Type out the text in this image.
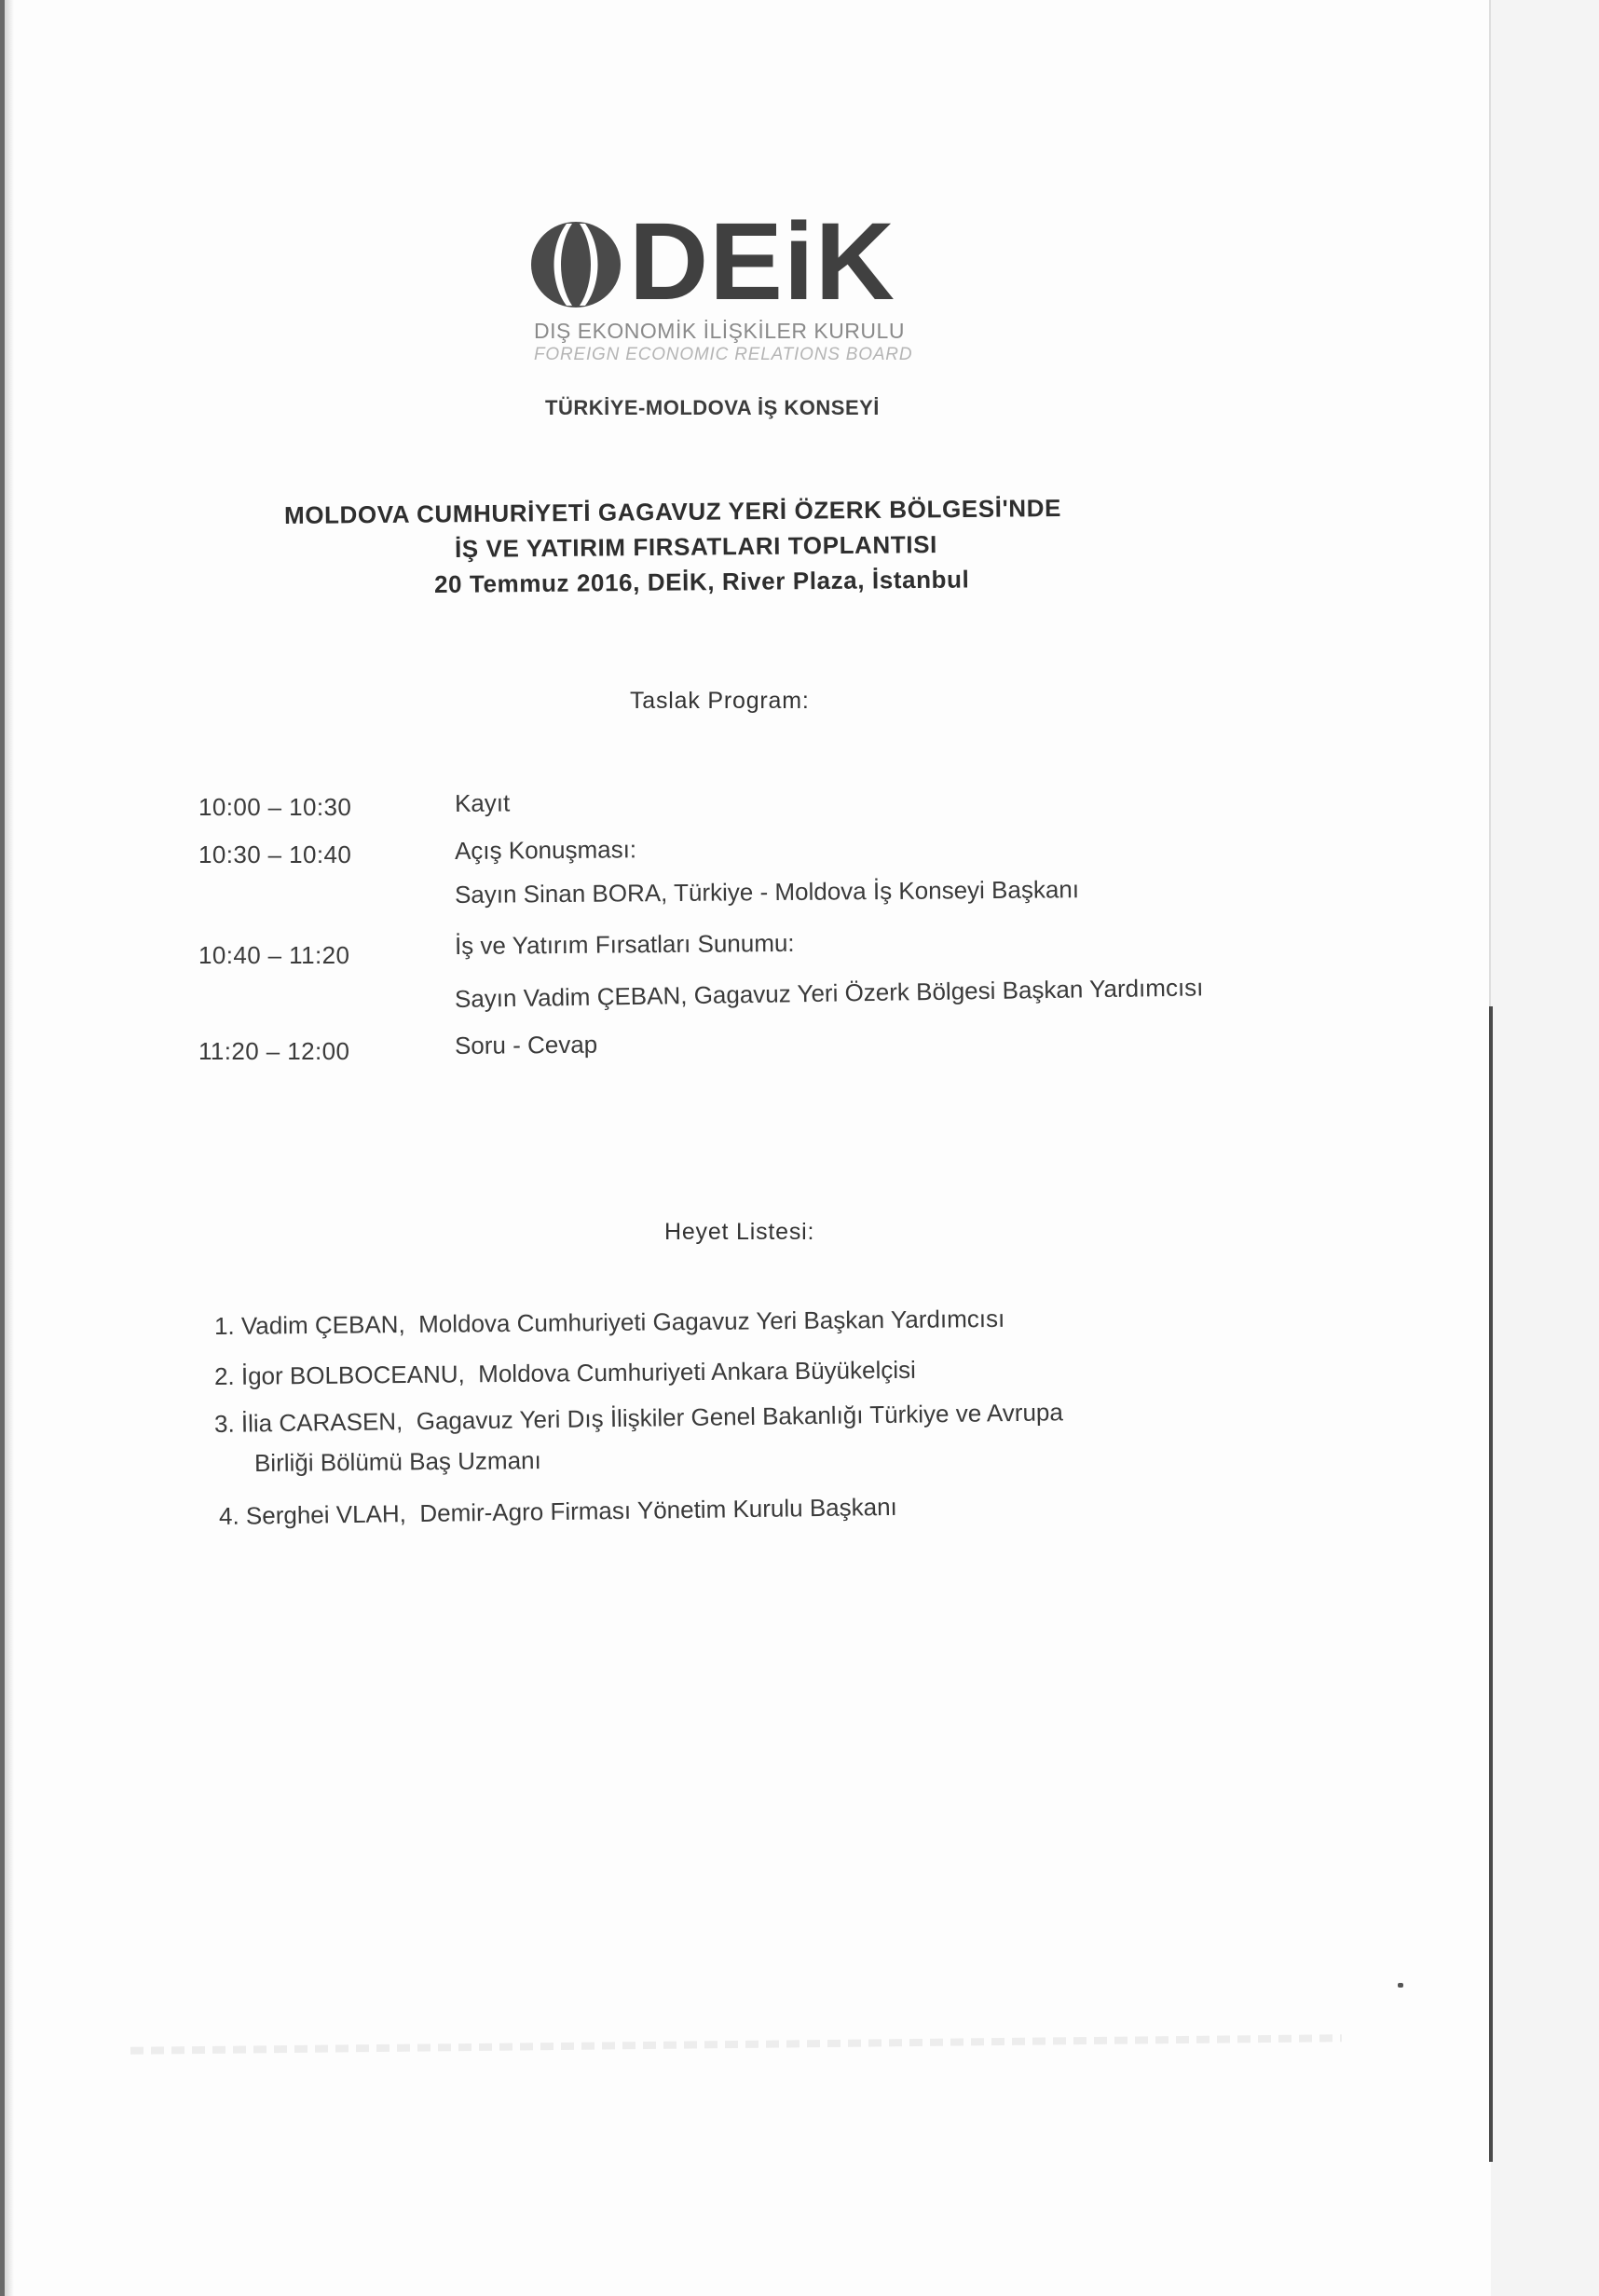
DEiK
DIŞ EKONOMİK İLİŞKİLER KURULU
FOREIGN ECONOMIC RELATIONS BOARD
TÜRKİYE-MOLDOVA İŞ KONSEYİ
MOLDOVA CUMHURİYETİ GAGAVUZ YERİ ÖZERK BÖLGESİ'NDE
İŞ VE YATIRIM FIRSATLARI TOPLANTISI
20 Temmuz 2016, DEİK, River Plaza, İstanbul
Taslak Program:
10:00 – 10:30	Kayıt
10:30 – 10:40	Açış Konuşması:
Sayın Sinan BORA, Türkiye - Moldova İş Konseyi Başkanı
10:40 – 11:20	İş ve Yatırım Fırsatları Sunumu:
Sayın Vadim ÇEBAN, Gagavuz Yeri Özerk Bölgesi Başkan Yardımcısı
11:20 – 12:00	Soru - Cevap
Heyet Listesi:
1. Vadim ÇEBAN, Moldova Cumhuriyeti Gagavuz Yeri Başkan Yardımcısı
2. İgor BOLBOCEANU, Moldova Cumhuriyeti Ankara Büyükelçisi
3. İlia CARASEN, Gagavuz Yeri Dış İlişkiler Genel Bakanlığı Türkiye ve Avrupa
Birliği Bölümü Baş Uzmanı
4. Serghei VLAH, Demir-Agro Firması Yönetim Kurulu Başkanı
